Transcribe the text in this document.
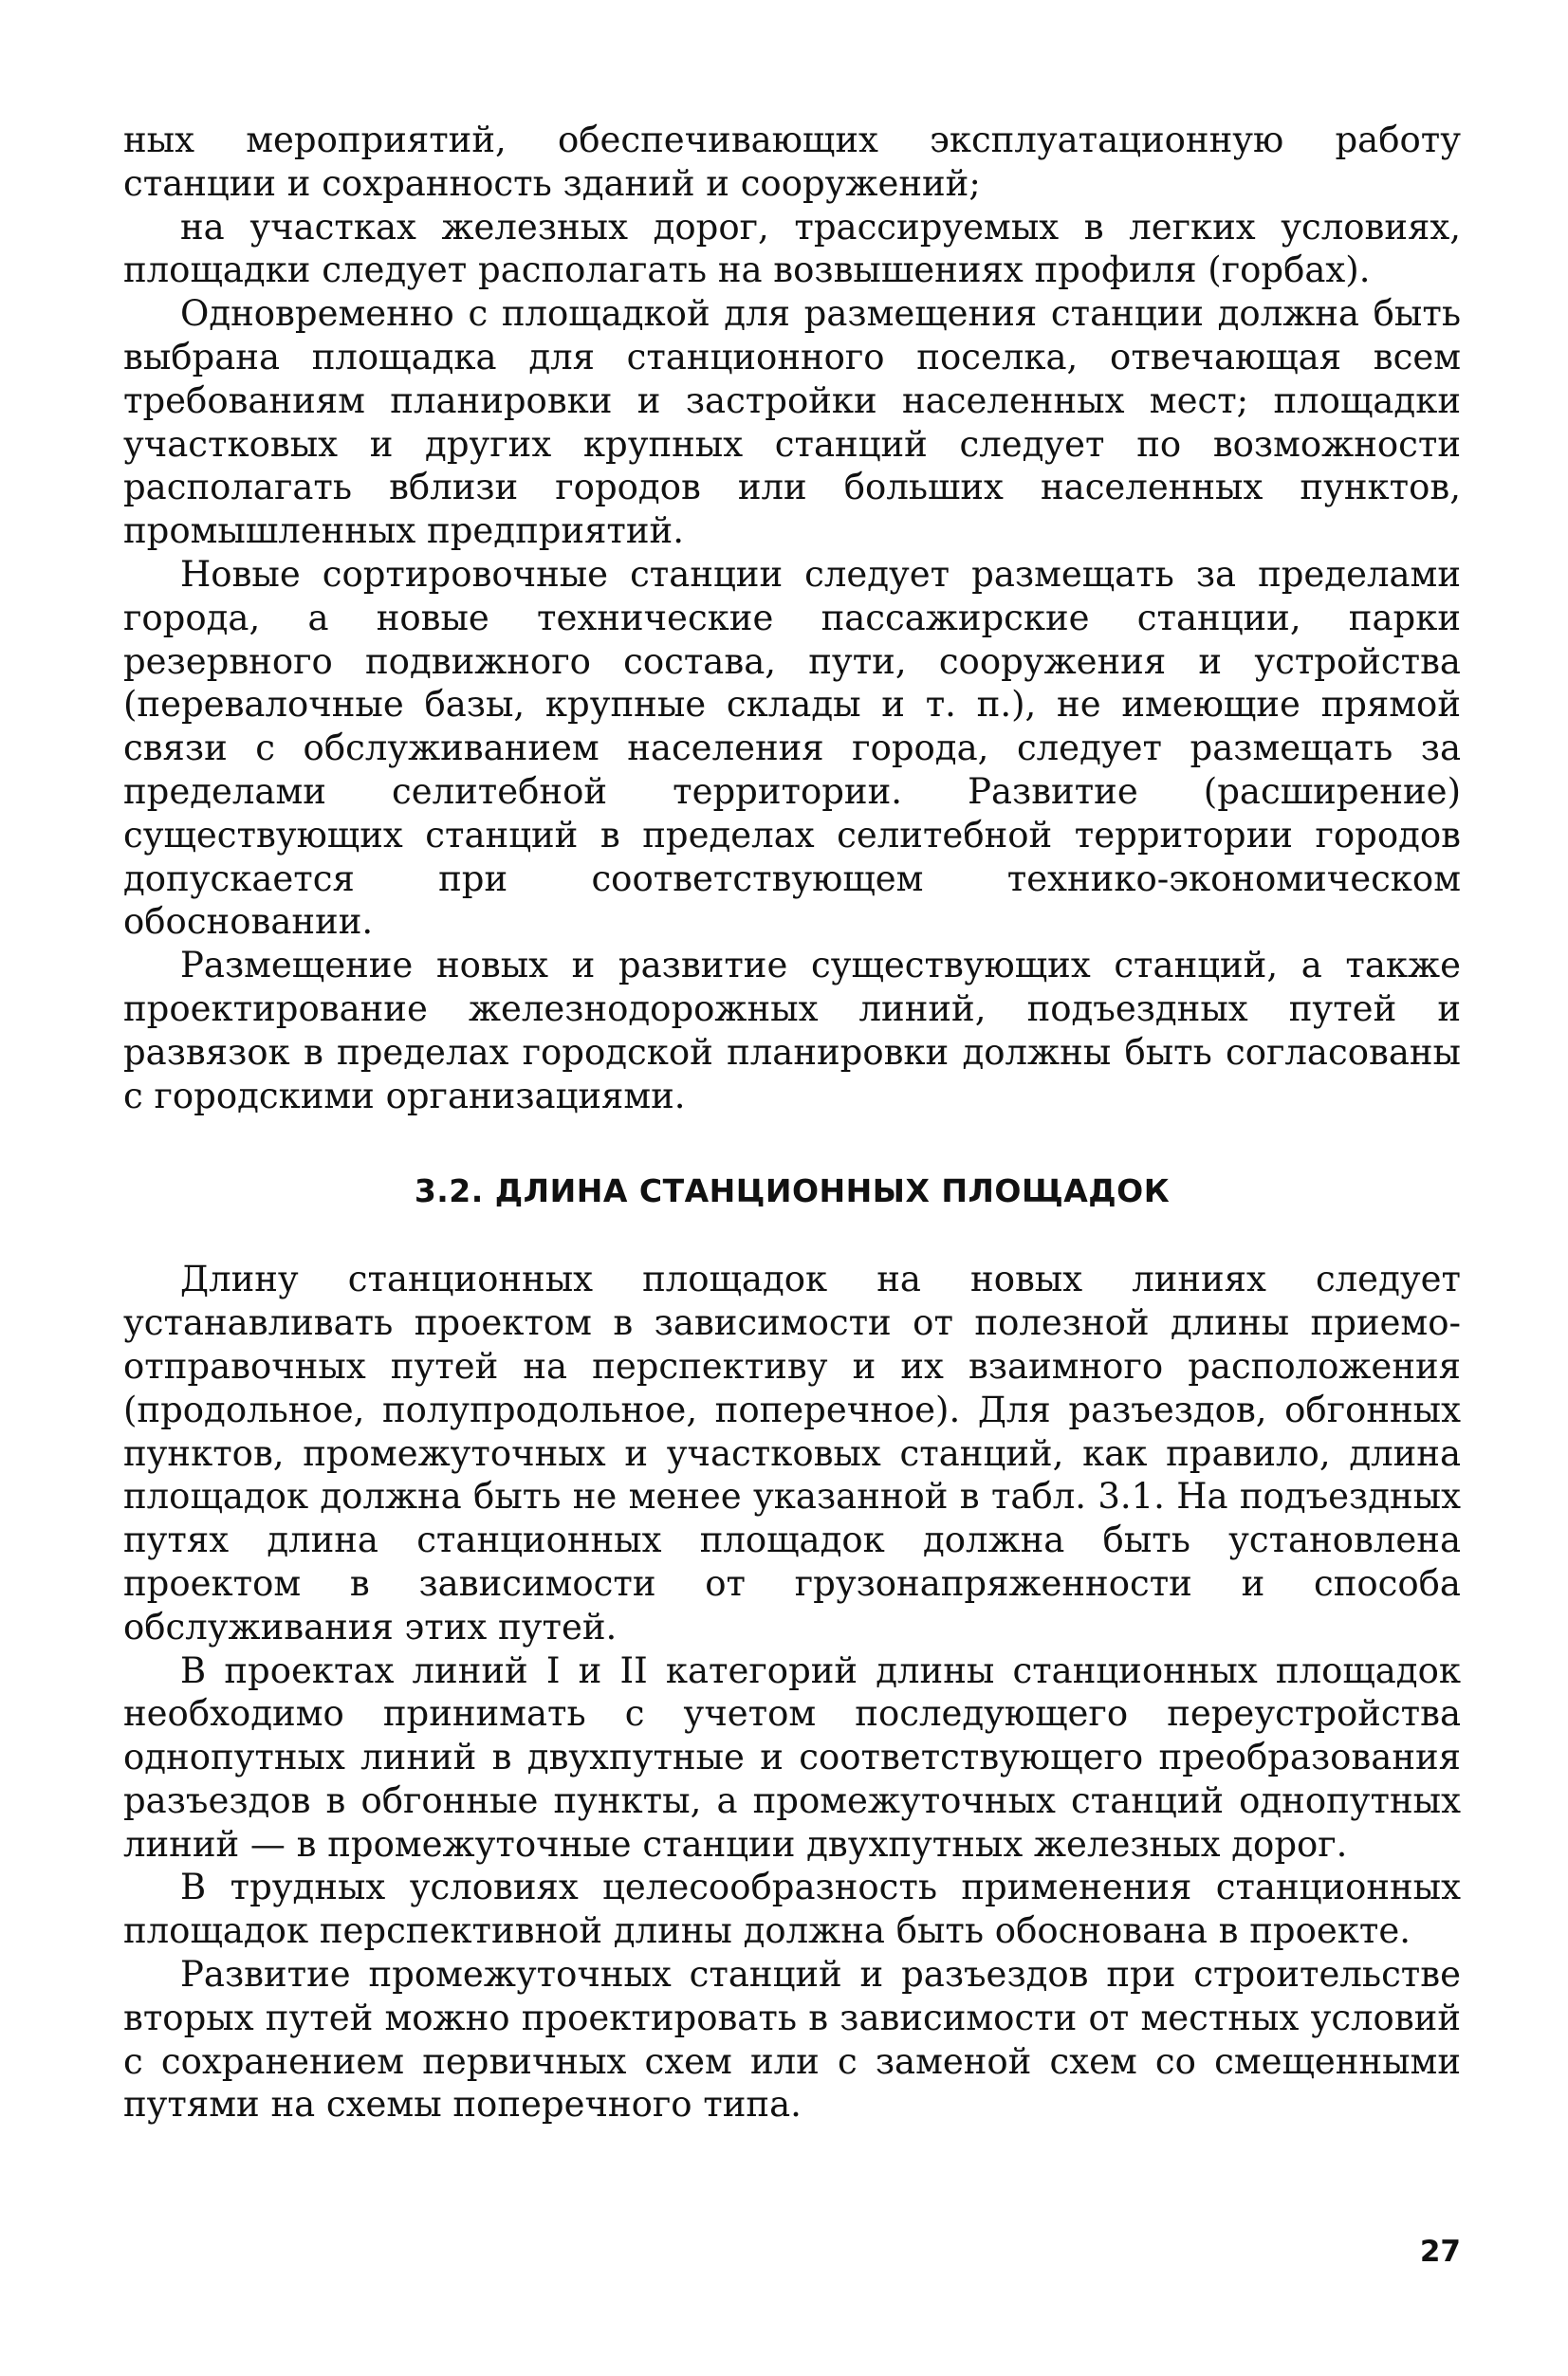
ных мероприятий, обеспечивающих эксплуатационную работу станции и сохранность зданий и сооружений;

на участках железных дорог, трассируемых в легких условиях, площадки следует располагать на возвышениях профиля (горбах).

Одновременно с площадкой для размещения станции должна быть выбрана площадка для станционного поселка, отвечающая всем требованиям планировки и застройки населенных мест; площадки участковых и других крупных станций следует по возможности располагать вблизи городов или больших населенных пунктов, промышленных предприятий.

Новые сортировочные станции следует размещать за пределами города, а новые технические пассажирские станции, парки резервного подвижного состава, пути, сооружения и устройства (перевалочные базы, крупные склады и т. п.), не имеющие прямой связи с обслуживанием населения города, следует размещать за пределами селитебной территории. Развитие (расширение) существующих станций в пределах селитебной территории городов допускается при соответствующем технико-экономическом обосновании.

Размещение новых и развитие существующих станций, а также проектирование железнодорожных линий, подъездных путей и развязок в пределах городской планировки должны быть согласованы с городскими организациями.

3.2. ДЛИНА СТАНЦИОННЫХ ПЛОЩАДОК

Длину станционных площадок на новых линиях следует устанавливать проектом в зависимости от полезной длины приемо-отправочных путей на перспективу и их взаимного расположения (продольное, полупродольное, поперечное). Для разъездов, обгонных пунктов, промежуточных и участковых станций, как правило, длина площадок должна быть не менее указанной в табл. 3.1. На подъездных путях длина станционных площадок должна быть установлена проектом в зависимости от грузонапряженности и способа обслуживания этих путей.

В проектах линий I и II категорий длины станционных площадок необходимо принимать с учетом последующего переустройства однопутных линий в двухпутные и соответствующего преобразования разъездов в обгонные пункты, а промежуточных станций однопутных линий — в промежуточные станции двухпутных железных дорог.

В трудных условиях целесообразность применения станционных площадок перспективной длины должна быть обоснована в проекте.

Развитие промежуточных станций и разъездов при строительстве вторых путей можно проектировать в зависимости от местных условий с сохранением первичных схем или с заменой схем со смещенными путями на схемы поперечного типа.

27
